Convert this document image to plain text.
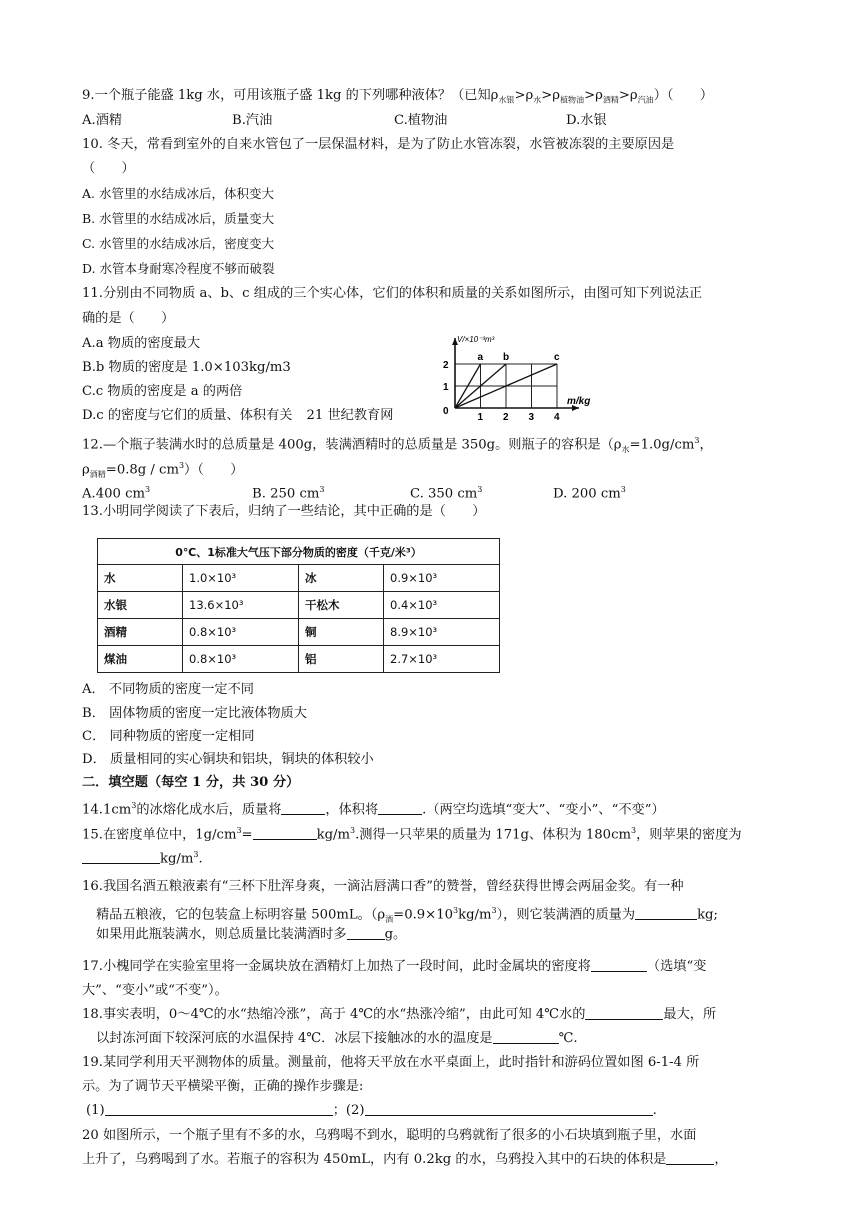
9.一个瓶子能盛 1kg 水，可用该瓶子盛 1kg 的下列哪种液体？（已知$\rho_{水银}>\rho_水>\rho_{植物油}>\rho_{酒精}>\rho_{汽油}$）（　　）
A.酒精	B.汽油	C.植物油	D.水银
10. 冬天，常看到室外的自来水管包了一层保温材料，是为了防止水管冻裂，水管被冻裂的主要原因是
（　　）
A. 水管里的水结成冰后，体积变大
B. 水管里的水结成冰后，质量变大
C. 水管里的水结成冰后，密度变大
D. 水管本身耐寒冷程度不够而破裂
11.分别由不同物质 a、b、c 组成的三个实心体，它们的体积和质量的关系如图所示，由图可知下列说法正
确的是（　　）
A.a 物质的密度最大
B.b 物质的密度是 1.0×103kg/m3
C.c 物质的密度是 a 的两倍
D.c 的密度与它们的质量、体积有关 21 世纪教育网
a b	c
1 2 3 4
1
2
0
m/kg
V/×10⁻³m³
12.—个瓶子装满水时的总质量是 400g，装满酒精时的总质量是 350g。则瓶子的容积是（$\rho_水=1.0g/cm^3$，
$\rho_{酒精}=0.8g / cm^3$）（　　）
A.400 $cm^3$	B. 250 $cm^3$	C. 350 $cm^3$	D. 200 $cm^3$
13.小明同学阅读了下表后，归纳了一些结论，其中正确的是（　　）
0℃、1标准大气压下部分物质的密度（千克/米³）			
水	1.0×10³	冰	0.9×10³
水银	13.6×10³	干松木	0.4×10³
酒精	0.8×10³	铜	8.9×10³
煤油	0.8×10³	铝	2.7×10³
A． 不同物质的密度一定不同
B． 固体物质的密度一定比液体物质大
C． 同种物质的密度一定相同
D． 质量相同的实心铜块和铝块，铜块的体积较小
二．填空题（每空 1 分，共 30 分）
$14.1cm^3$的冰熔化成水后，质量将	，体积将	.（两空均选填“变大”、“变小”、“不变”）
15.在密度单位中，$1g/cm^3=$	$kg/m^3$.测得一只苹果的质量为 171g、体积为 $180cm^3$，则苹果的密度为
$kg/m^3$.
16.我国名酒五粮液素有“三杯下肚浑身爽，一滴沾唇满口香”的赞誉，曾经获得世博会两届金奖。有一种
精品五粮液，它的包装盒上标明容量 500mL。$(\rho_酒=0.9\times 10^3kg/m^3)$，则它装满酒的质量为	kg;
如果用此瓶装满水，则总质量比装满酒时多	g。
17.小槐同学在实验室里将一金属块放在酒精灯上加热了一段时间，此时金属块的密度将	（选填“变
大”、“变小”或“不变”）。
18.事实表明，0～4℃的水“热缩冷涨”，高于 4℃的水“热涨冷缩”，由此可知 4℃水的	最大，所
以封冻河面下较深河底的水温保持 4℃．冰层下接触冰的水的温度是	℃.
19.某同学利用天平测物体的质量。测量前，他将天平放在水平桌面上，此时指针和游码位置如图 6-1-4 所
示。为了调节天平横梁平衡，正确的操作步骤是:
(1)	；(2)	.
20 如图所示，一个瓶子里有不多的水，乌鸦喝不到水，聪明的乌鸦就衔了很多的小石块填到瓶子里，水面
上升了，乌鸦喝到了水。若瓶子的容积为 450mL，内有 0.2kg 的水，乌鸦投入其中的石块的体积是	，
